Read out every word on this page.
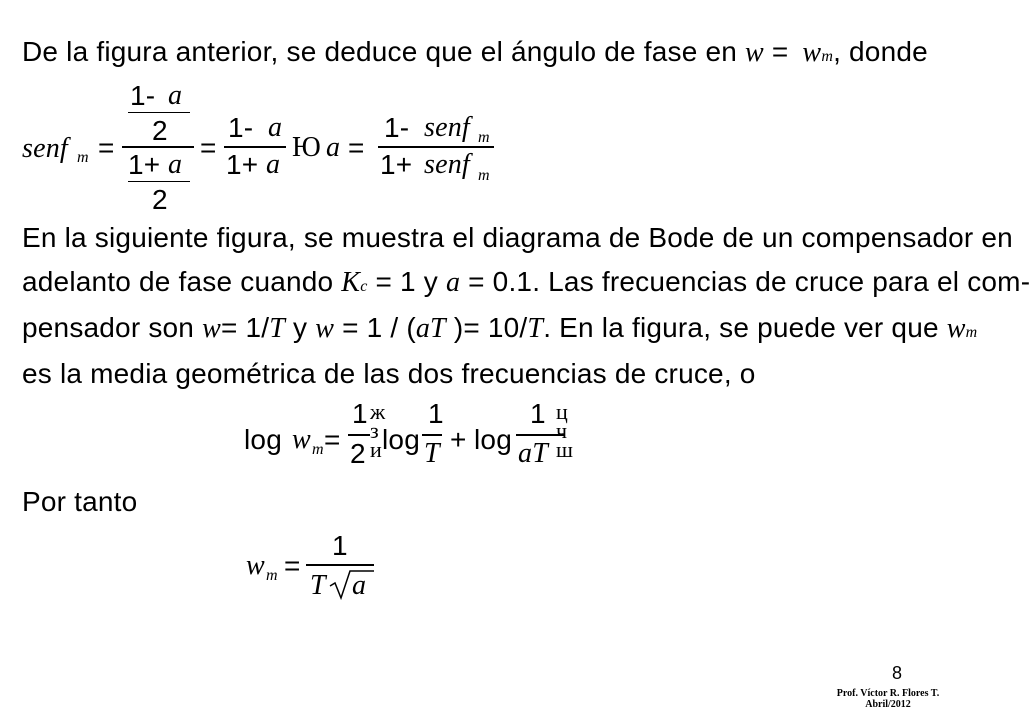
De la figura anterior, se deduce que el ángulo de fase en w = wm, donde
senf m =
1- a
2
1+ a
2
=
1- a
1+ a
Ю a =
1- senf m
1+ senf m
En la siguiente figura, se muestra el diagrama de Bode de un compensador en
adelanto de fase cuando Kc = 1 y a = 0.1. Las frecuencias de cruce para el com-
pensador son w= 1/T y w = 1 / (aT )= 10/T. En la figura, se puede ver que wm
es la media geométrica de las dos frecuencias de cruce, o
log w m =
1
2
ж
з
и log
1
T + log
1
aT
ц
ч
ш
Por tanto
w m =
1
T a
8
Prof. Víctor R. Flores T.
Abril/2012
